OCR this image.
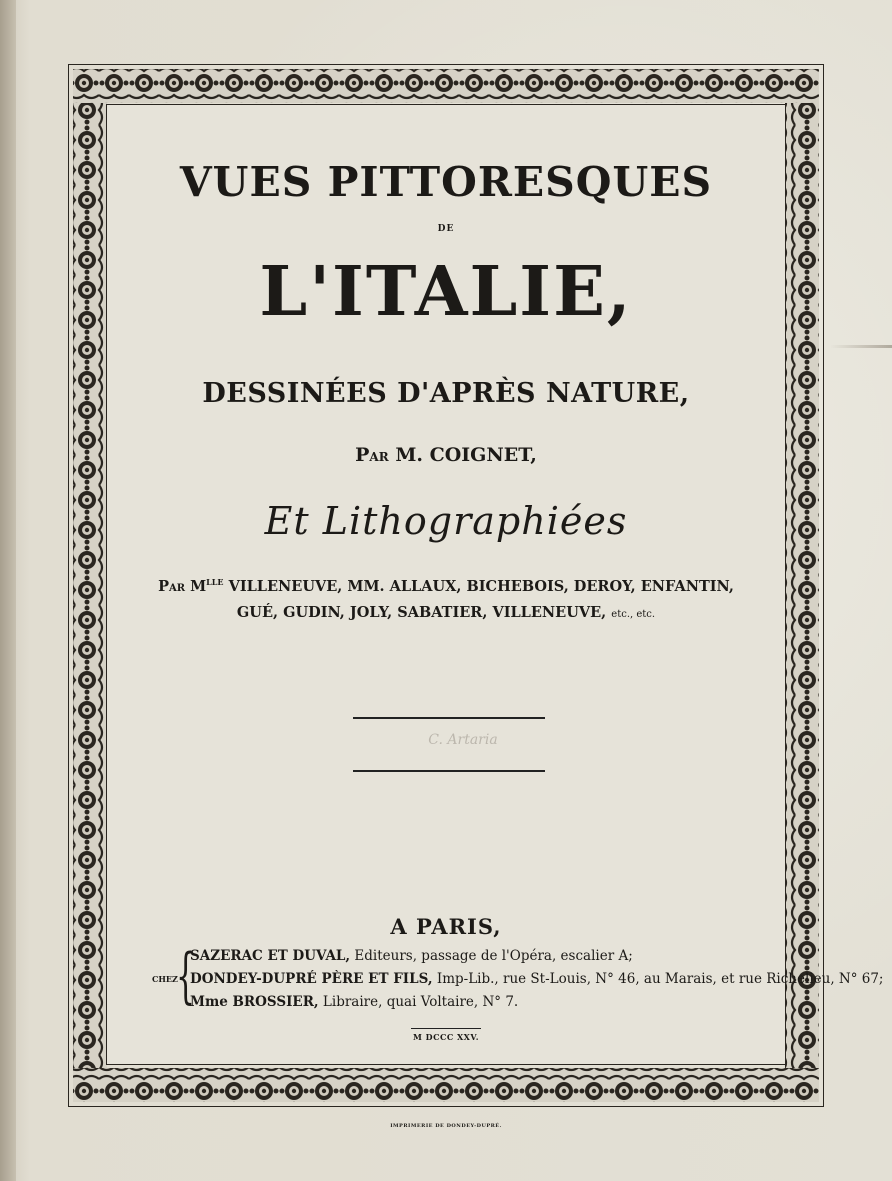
VUES PITTORESQUES
DE
L'ITALIE,
DESSINÉES D'APRÈS NATURE,
PAR M. COIGNET,
Et Lithographiées
PAR $M^{LLE}$ VILLENEUVE, MM. ALLAUX, BICHEBOIS, DEROY, ENFANTIN,
GUÉ, GUDIN, JOLY, SABATIER, VILLENEUVE, etc., etc.
C. Artaria
A PARIS,
CHEZ
{
SAZERAC ET DUVAL, Editeurs, passage de l'Opéra, escalier A;
DONDEY-DUPRÉ PÈRE ET FILS, Imp-Lib., rue St-Louis, N° 46, au Marais, et rue Richelieu, N° 67;
Mme BROSSIER, Libraire, quai Voltaire, N° 7.
M DCCC XXV.
IMPRIMERIE DE DONDEY-DUPRÉ.
